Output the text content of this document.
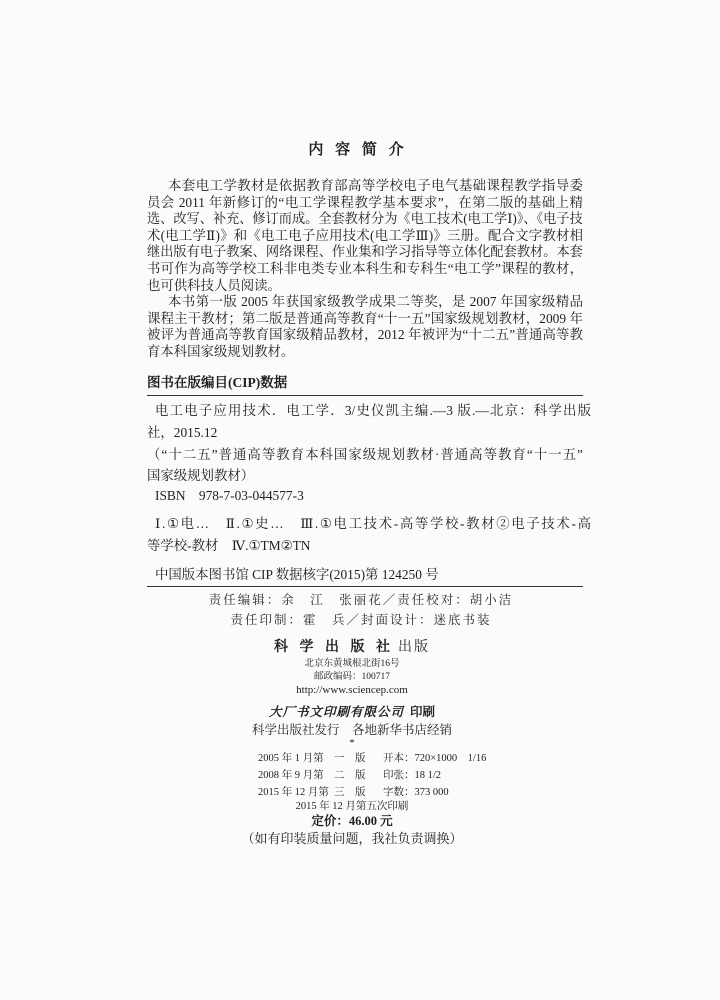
内 容 简 介
本套电工学教材是依据教育部高等学校电子电气基础课程教学指导委
员会 2011 年新修订的“电工学课程教学基本要求”，在第二版的基础上精
选、改写、补充、修订而成。全套教材分为《电工技术(电工学Ⅰ)》、《电子技
术(电工学Ⅱ)》和《电工电子应用技术(电工学Ⅲ)》三册。配合文字教材相
继出版有电子教案、网络课程、作业集和学习指导等立体化配套教材。本套
书可作为高等学校工科非电类专业本科生和专科生“电工学”课程的教材，
也可供科技人员阅读。
本书第一版 2005 年获国家级教学成果二等奖，是 2007 年国家级精品
课程主干教材；第二版是普通高等教育“十一五”国家级规划教材，2009 年
被评为普通高等教育国家级精品教材，2012 年被评为“十二五”普通高等教
育本科国家级规划教材。
图书在版编目(CIP)数据
电工电子应用技术．电工学．3/史仪凯主编.—3 版.—北京：科学出版
社，2015.12
（“十二五”普通高等教育本科国家级规划教材·普通高等教育“十一五”
国家级规划教材）
ISBN　978-7-03-044577-3
Ⅰ.①电…　Ⅱ.①史…　Ⅲ.①电工技术-高等学校-教材②电子技术-高
等学校-教材　Ⅳ.①TM②TN
中国版本图书馆 CIP 数据核字(2015)第 124250 号
责任编辑：余　江　张丽花／责任校对：胡小洁
责任印制：霍　兵／封面设计：迷底书装
科 学 出 版 社 出版
北京东黄城根北街16号
邮政编码：100717
http://www.sciencep.com
大厂书文印刷有限公司 印刷
科学出版社发行　各地新华书店经销
*
2005 年 1 月第 一 版 开本：720×1000　1/16
2008 年 9 月第 二 版 印张：18 1/2
2015 年 12 月第 三 版 字数：373 000
2015 年 12 月第五次印刷
定价：46.00 元
（如有印装质量问题，我社负责调换）
